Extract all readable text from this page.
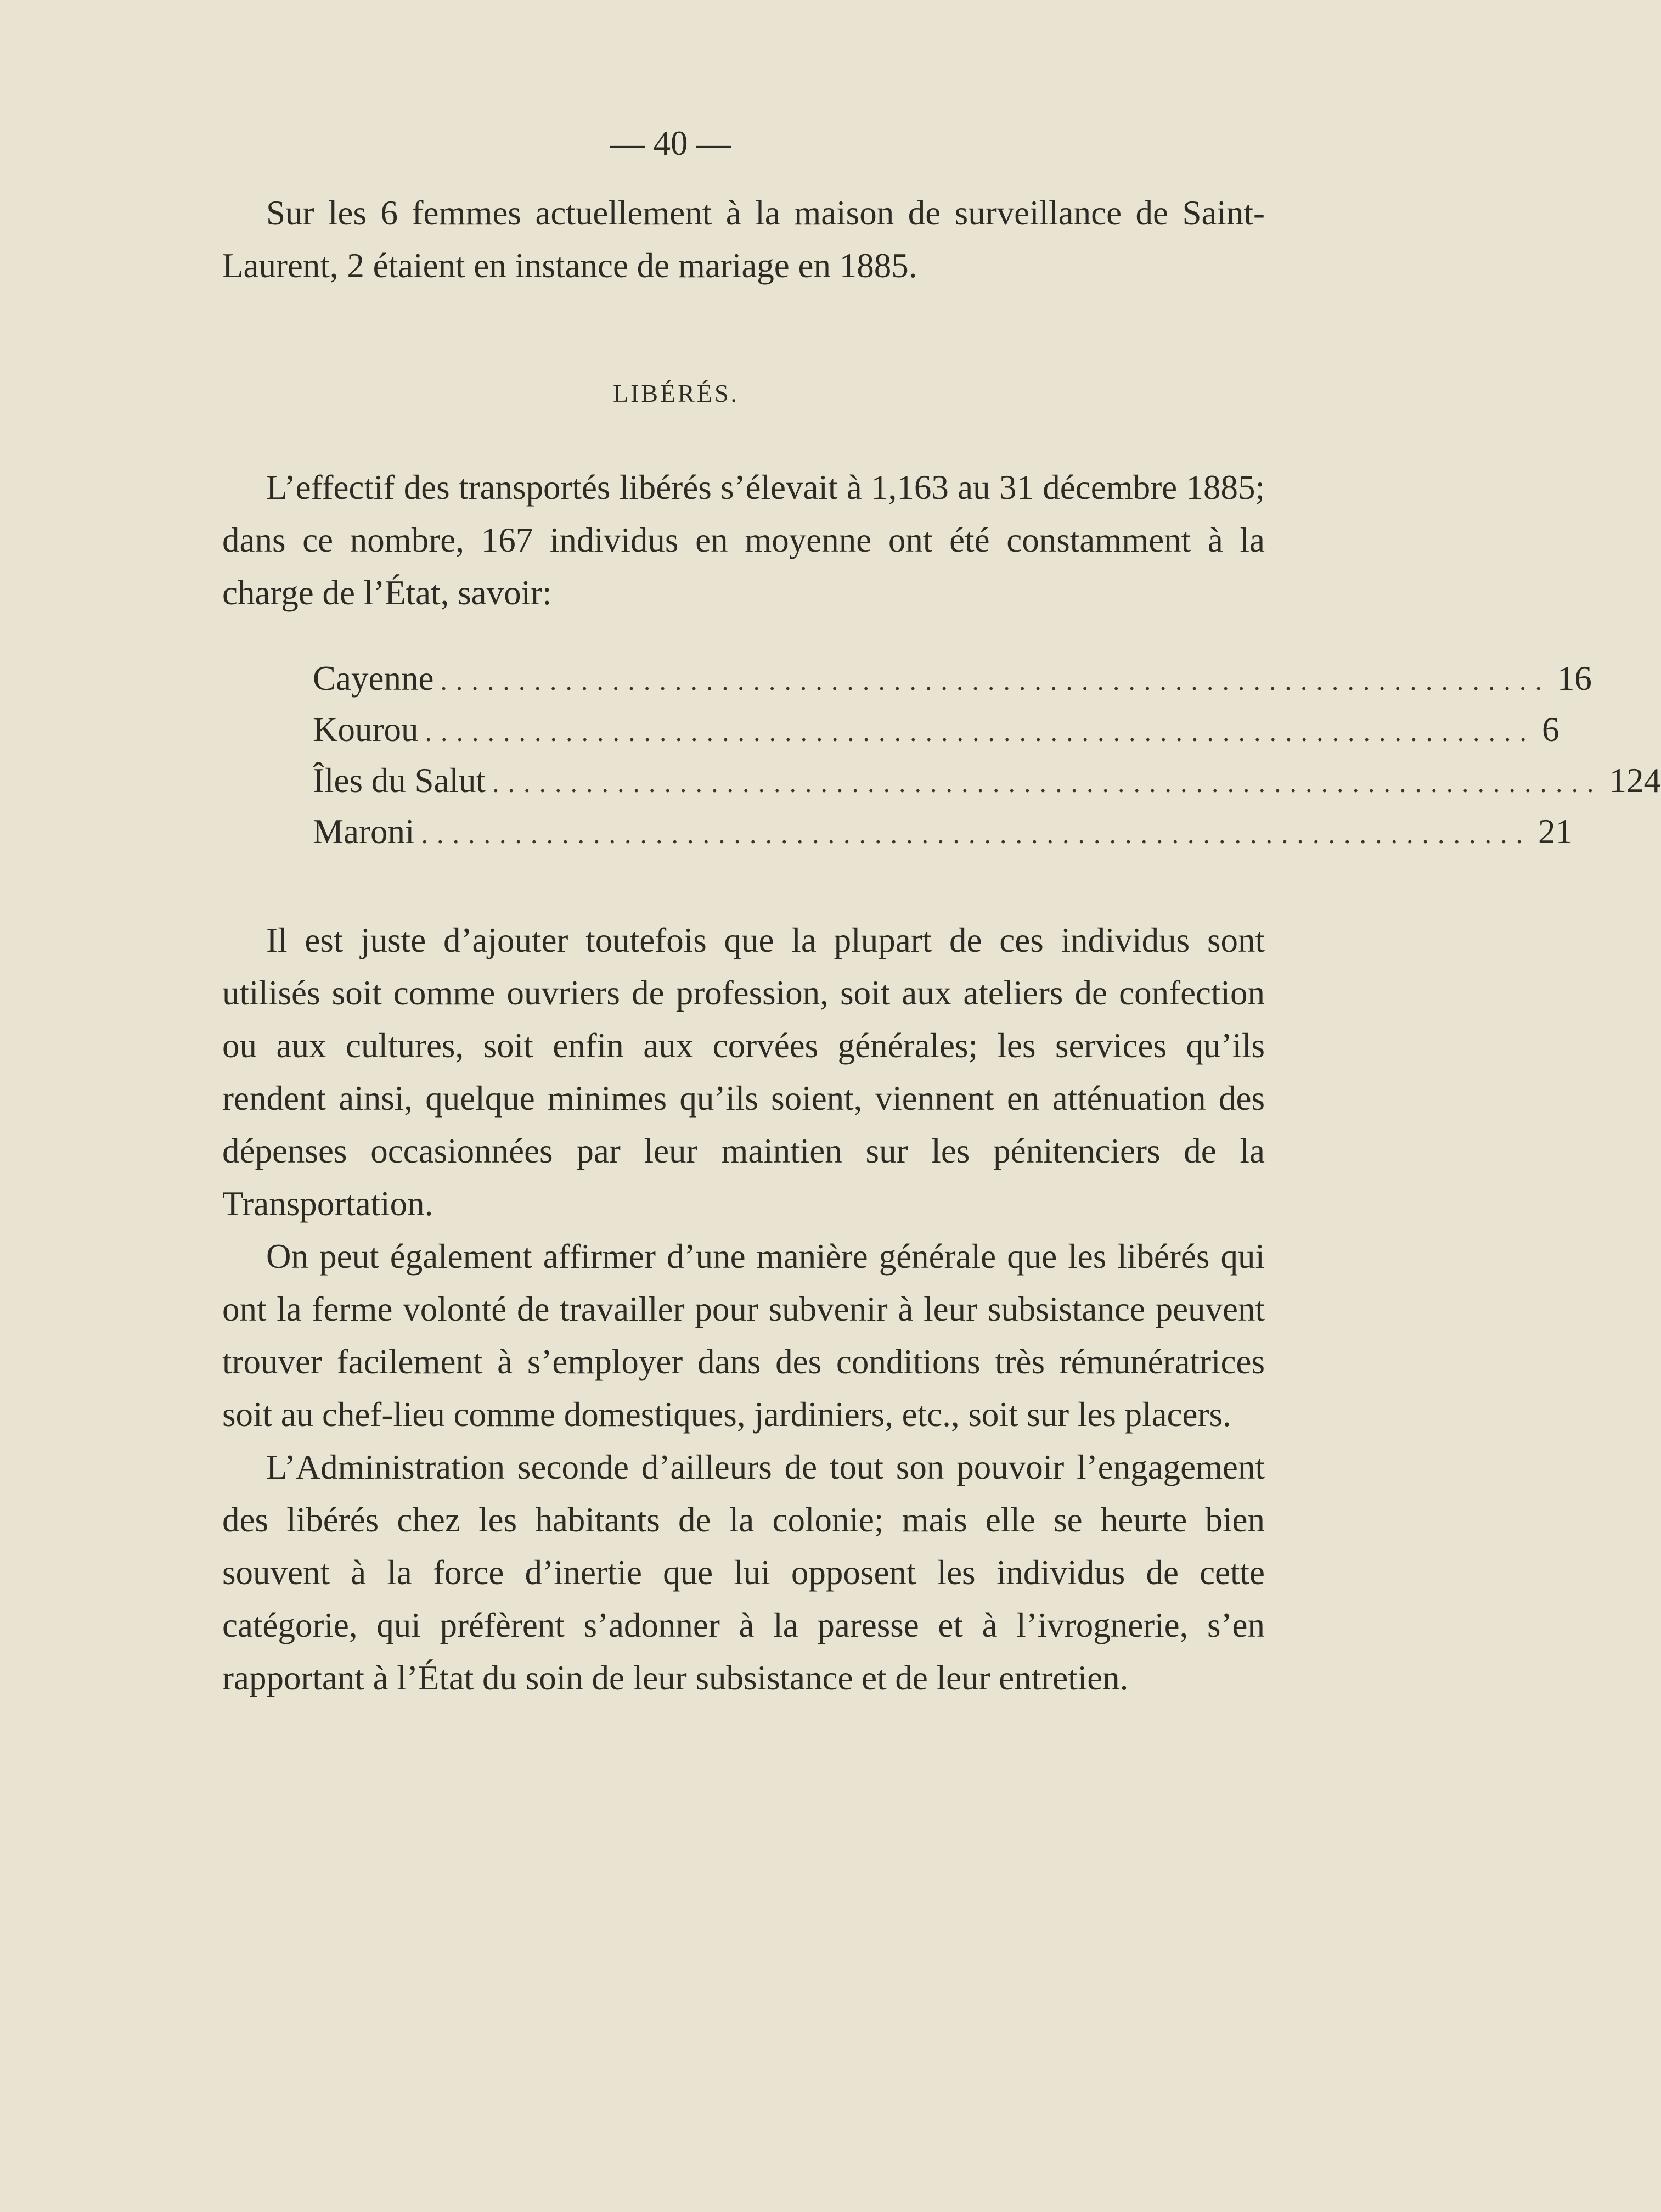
— 40 —

Sur les 6 femmes actuellement à la maison de surveillance de Saint-Laurent, 2 étaient en instance de mariage en 1885.

LIBÉRÉS.

L’effectif des transportés libérés s’élevait à 1,163 au 31 décembre 1885; dans ce nombre, 167 individus en moyenne ont été constamment à la charge de l’État, savoir:

Cayenne ....................................................................... 16
Kourou ....................................................................... 6
Îles du Salut ....................................................................... 124
Maroni ....................................................................... 21

Il est juste d’ajouter toutefois que la plupart de ces individus sont utilisés soit comme ouvriers de profession, soit aux ateliers de confection ou aux cultures, soit enfin aux corvées générales; les services qu’ils rendent ainsi, quelque minimes qu’ils soient, viennent en atténuation des dépenses occasionnées par leur maintien sur les pénitenciers de la Transportation.

On peut également affirmer d’une manière générale que les libérés qui ont la ferme volonté de travailler pour subvenir à leur subsistance peuvent trouver facilement à s’employer dans des conditions très rémunératrices soit au chef-lieu comme domestiques, jardiniers, etc., soit sur les placers.

L’Administration seconde d’ailleurs de tout son pouvoir l’engagement des libérés chez les habitants de la colonie; mais elle se heurte bien souvent à la force d’inertie que lui opposent les individus de cette catégorie, qui préfèrent s’adonner à la paresse et à l’ivrognerie, s’en rapportant à l’État du soin de leur subsistance et de leur entretien.
